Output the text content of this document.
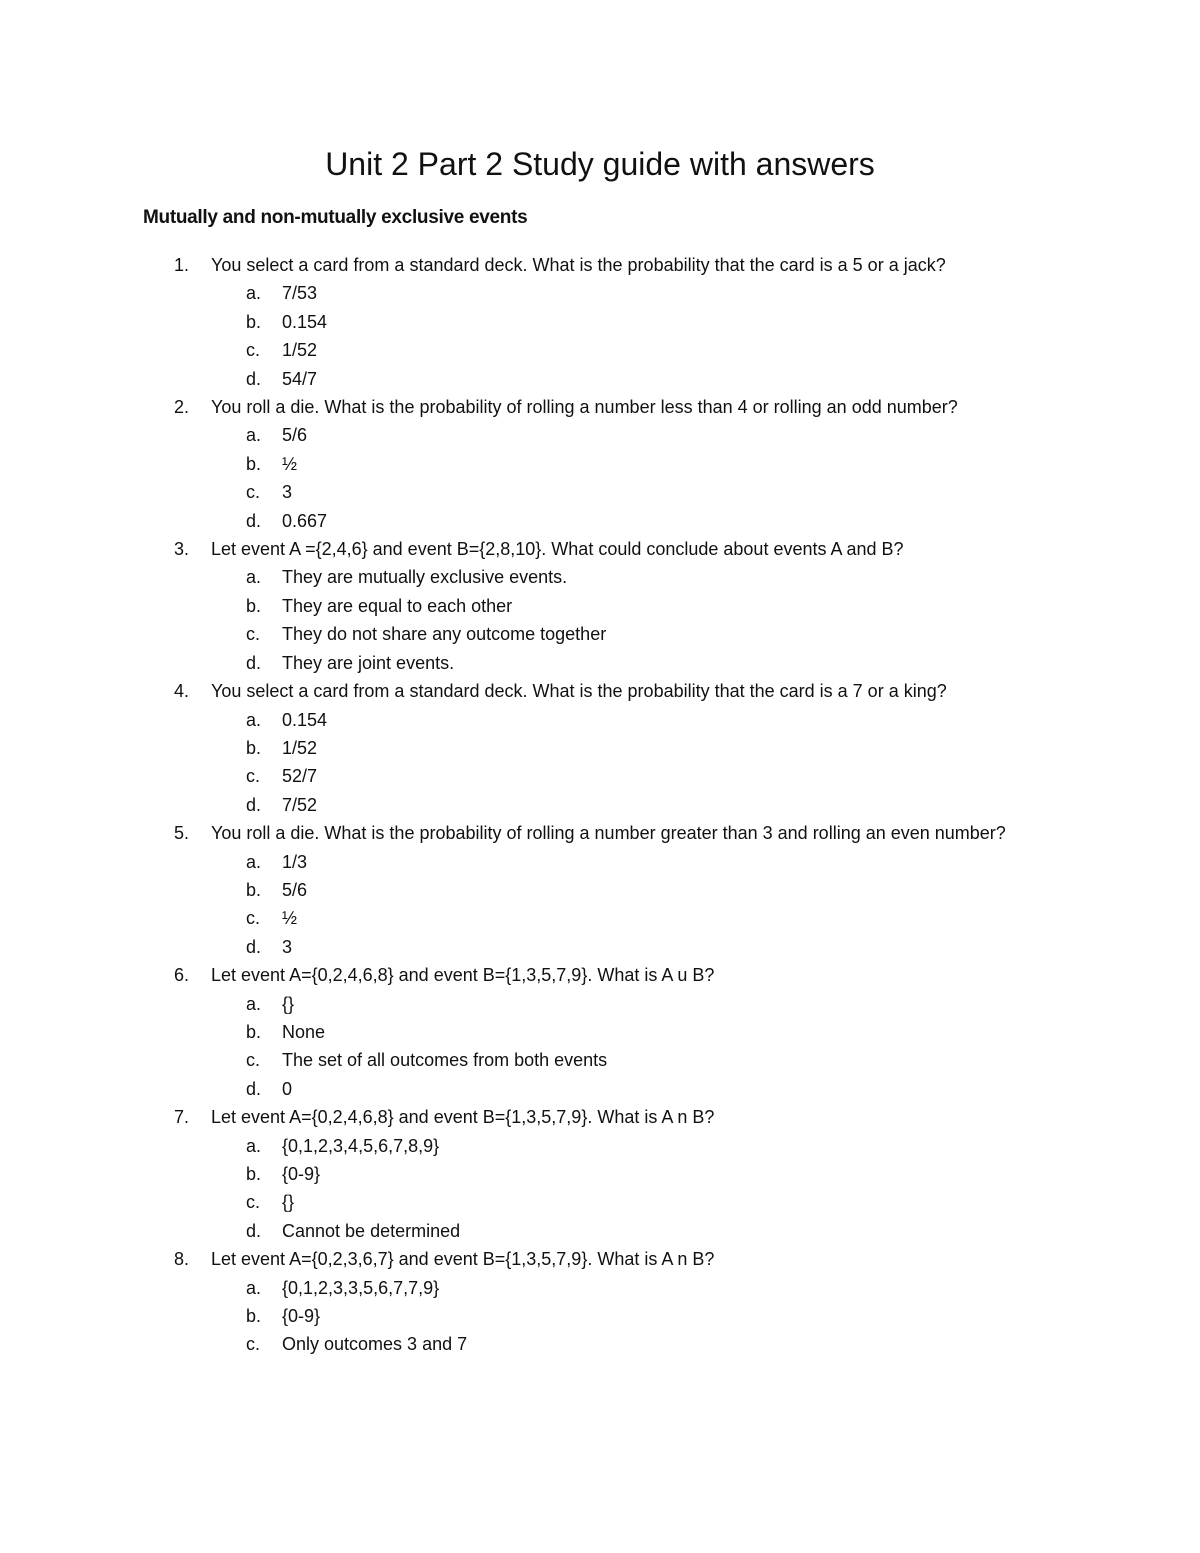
Unit 2 Part 2 Study guide with answers
Mutually and non-mutually exclusive events
1. You select a card from a standard deck. What is the probability that the card is a 5 or a jack?
a. 7/53
b. 0.154
c. 1/52
d. 54/7
2. You roll a die. What is the probability of rolling a number less than 4 or rolling an odd number?
a. 5/6
b. ½
c. 3
d. 0.667
3. Let event A ={2,4,6} and event B={2,8,10}. What could conclude about events A and B?
a. They are mutually exclusive events.
b. They are equal to each other
c. They do not share any outcome together
d. They are joint events.
4. You select a card from a standard deck. What is the probability that the card is a 7 or a king?
a. 0.154
b. 1/52
c. 52/7
d. 7/52
5. You roll a die. What is the probability of rolling a number greater than 3 and rolling an even number?
a. 1/3
b. 5/6
c. ½
d. 3
6. Let event A={0,2,4,6,8} and event B={1,3,5,7,9}. What is A u B?
a. {}
b. None
c. The set of all outcomes from both events
d. 0
7. Let event A={0,2,4,6,8} and event B={1,3,5,7,9}. What is A n B?
a. {0,1,2,3,4,5,6,7,8,9}
b. {0-9}
c. {}
d. Cannot be determined
8. Let event A={0,2,3,6,7} and event B={1,3,5,7,9}. What is A n B?
a. {0,1,2,3,3,5,6,7,7,9}
b. {0-9}
c. Only outcomes 3 and 7
